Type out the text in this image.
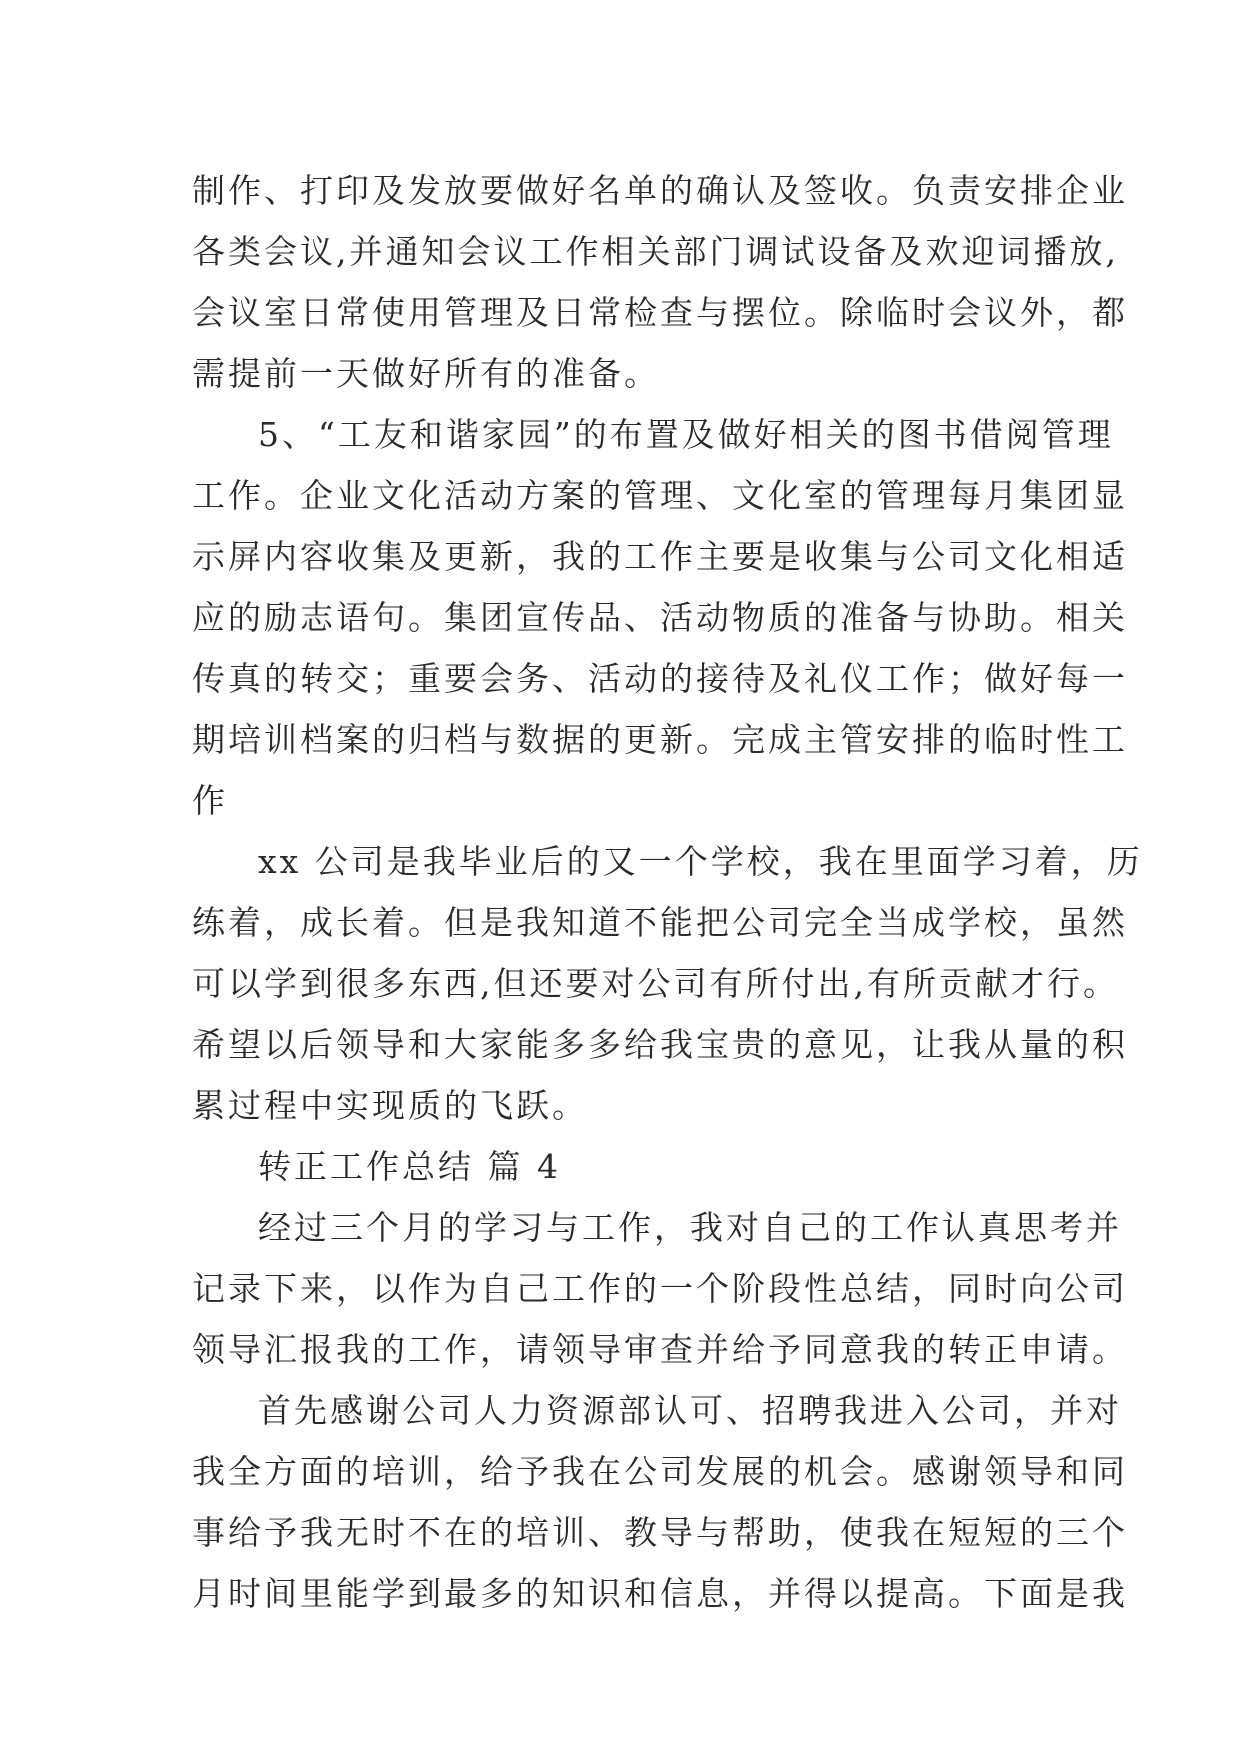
制作、打印及发放要做好名单的确认及签收。负责安排企业
各类会议,并通知会议工作相关部门调试设备及欢迎词播放,
会议室日常使用管理及日常检查与摆位。除临时会议外，都
需提前一天做好所有的准备。
5、“工友和谐家园”的布置及做好相关的图书借阅管理
工作。企业文化活动方案的管理、文化室的管理每月集团显
示屏内容收集及更新，我的工作主要是收集与公司文化相适
应的励志语句。集团宣传品、活动物质的准备与协助。相关
传真的转交；重要会务、活动的接待及礼仪工作；做好每一
期培训档案的归档与数据的更新。完成主管安排的临时性工
作
xx 公司是我毕业后的又一个学校，我在里面学习着，历
练着，成长着。但是我知道不能把公司完全当成学校，虽然
可以学到很多东西,但还要对公司有所付出,有所贡献才行。
希望以后领导和大家能多多给我宝贵的意见，让我从量的积
累过程中实现质的飞跃。
转正工作总结 篇 4
经过三个月的学习与工作，我对自己的工作认真思考并
记录下来，以作为自己工作的一个阶段性总结，同时向公司
领导汇报我的工作，请领导审查并给予同意我的转正申请。
首先感谢公司人力资源部认可、招聘我进入公司，并对
我全方面的培训，给予我在公司发展的机会。感谢领导和同
事给予我无时不在的培训、教导与帮助，使我在短短的三个
月时间里能学到最多的知识和信息，并得以提高。下面是我
